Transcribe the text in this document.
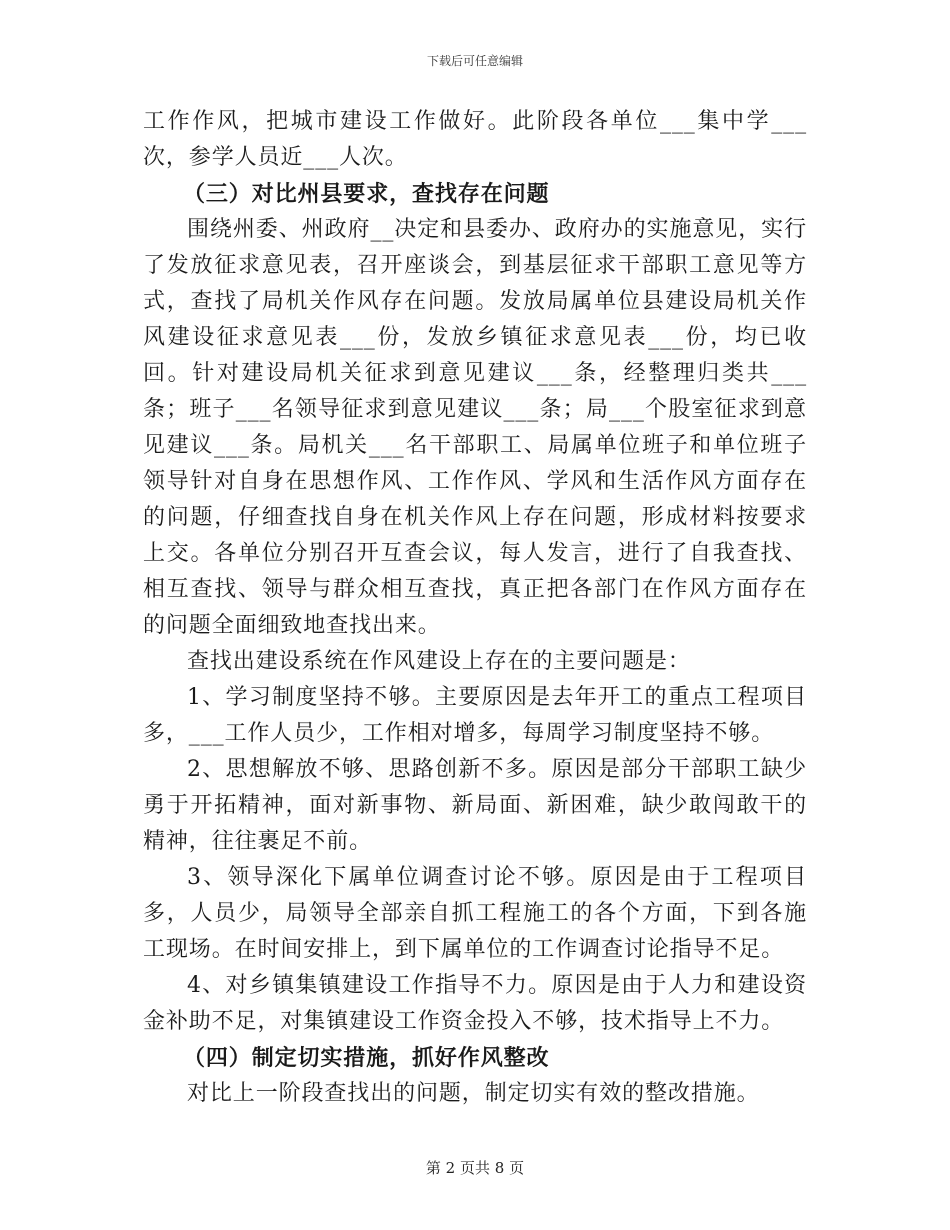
下载后可任意编辑

工作作风，把城市建设工作做好。此阶段各单位___集中学___次，参学人员近___人次。

（三）对比州县要求，查找存在问题

围绕州委、州政府__决定和县委办、政府办的实施意见，实行了发放征求意见表，召开座谈会，到基层征求干部职工意见等方式，查找了局机关作风存在问题。发放局属单位县建设局机关作风建设征求意见表___份，发放乡镇征求意见表___份，均已收回。针对建设局机关征求到意见建议___条，经整理归类共___条；班子___名领导征求到意见建议___条；局___个股室征求到意见建议___条。局机关___名干部职工、局属单位班子和单位班子领导针对自身在思想作风、工作作风、学风和生活作风方面存在的问题，仔细查找自身在机关作风上存在问题，形成材料按要求上交。各单位分别召开互查会议，每人发言，进行了自我查找、相互查找、领导与群众相互查找，真正把各部门在作风方面存在的问题全面细致地查找出来。

查找出建设系统在作风建设上存在的主要问题是：

1、学习制度坚持不够。主要原因是去年开工的重点工程项目多，___工作人员少，工作相对增多，每周学习制度坚持不够。

2、思想解放不够、思路创新不多。原因是部分干部职工缺少勇于开拓精神，面对新事物、新局面、新困难，缺少敢闯敢干的精神，往往裹足不前。

3、领导深化下属单位调查讨论不够。原因是由于工程项目多，人员少，局领导全部亲自抓工程施工的各个方面，下到各施工现场。在时间安排上，到下属单位的工作调查讨论指导不足。

4、对乡镇集镇建设工作指导不力。原因是由于人力和建设资金补助不足，对集镇建设工作资金投入不够，技术指导上不力。

（四）制定切实措施，抓好作风整改

对比上一阶段查找出的问题，制定切实有效的整改措施。

第 2 页共 8 页
